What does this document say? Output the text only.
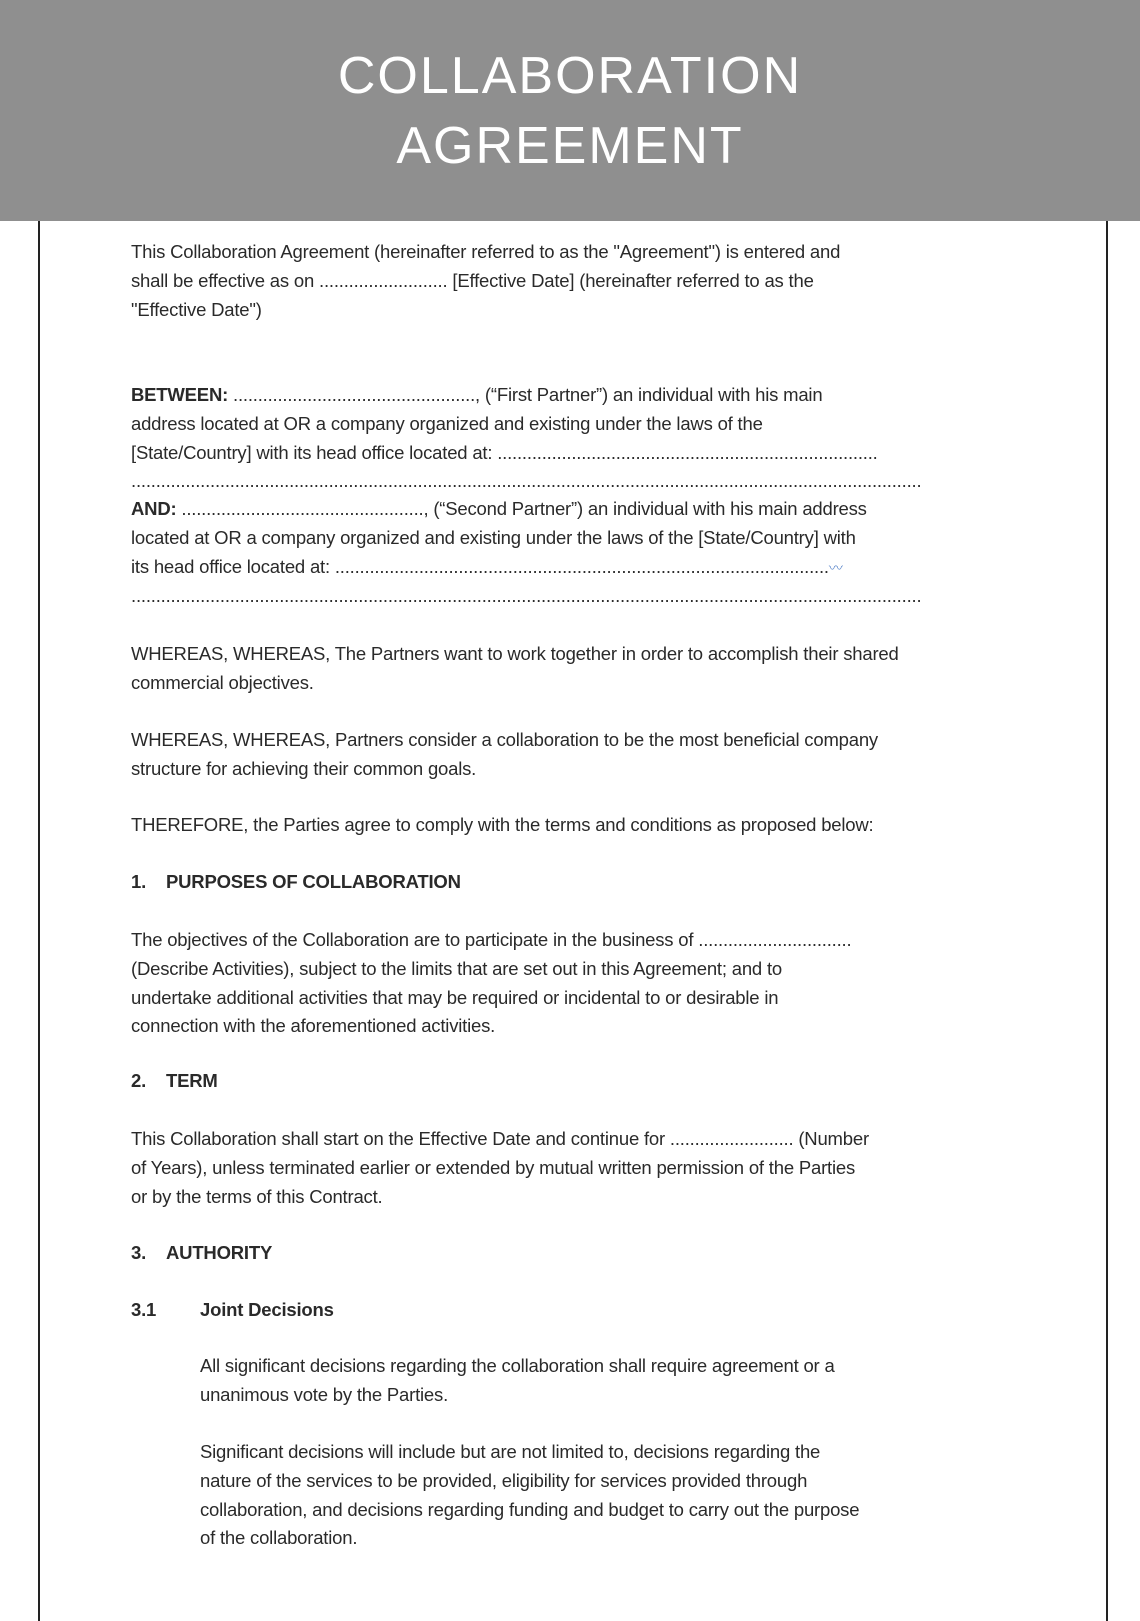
COLLABORATION
AGREEMENT
This Collaboration Agreement (hereinafter referred to as the "Agreement") is entered and
shall be effective as on .......................... [Effective Date] (hereinafter referred to as the
"Effective Date")
BETWEEN: ................................................., (“First Partner”) an individual with his main
address located at OR a company organized and existing under the laws of the
[State/Country] with its head office located at: .............................................................................
................................................................................................................................................................
AND: ................................................., (“Second Partner”) an individual with his main address
located at OR a company organized and existing under the laws of the [State/Country] with
its head office located at: ....................................................................................................〰
................................................................................................................................................................
WHEREAS, WHEREAS, The Partners want to work together in order to accomplish their shared
commercial objectives.
WHEREAS, WHEREAS, Partners consider a collaboration to be the most beneficial company
structure for achieving their common goals.
THEREFORE, the Parties agree to comply with the terms and conditions as proposed below:
1. PURPOSES OF COLLABORATION
The objectives of the Collaboration are to participate in the business of ...............................
(Describe Activities), subject to the limits that are set out in this Agreement; and to
undertake additional activities that may be required or incidental to or desirable in
connection with the aforementioned activities.
2. TERM
This Collaboration shall start on the Effective Date and continue for ......................... (Number
of Years), unless terminated earlier or extended by mutual written permission of the Parties
or by the terms of this Contract.
3. AUTHORITY
3.1 Joint Decisions
All significant decisions regarding the collaboration shall require agreement or a
unanimous vote by the Parties.
Significant decisions will include but are not limited to, decisions regarding the
nature of the services to be provided, eligibility for services provided through
collaboration, and decisions regarding funding and budget to carry out the purpose
of the collaboration.
